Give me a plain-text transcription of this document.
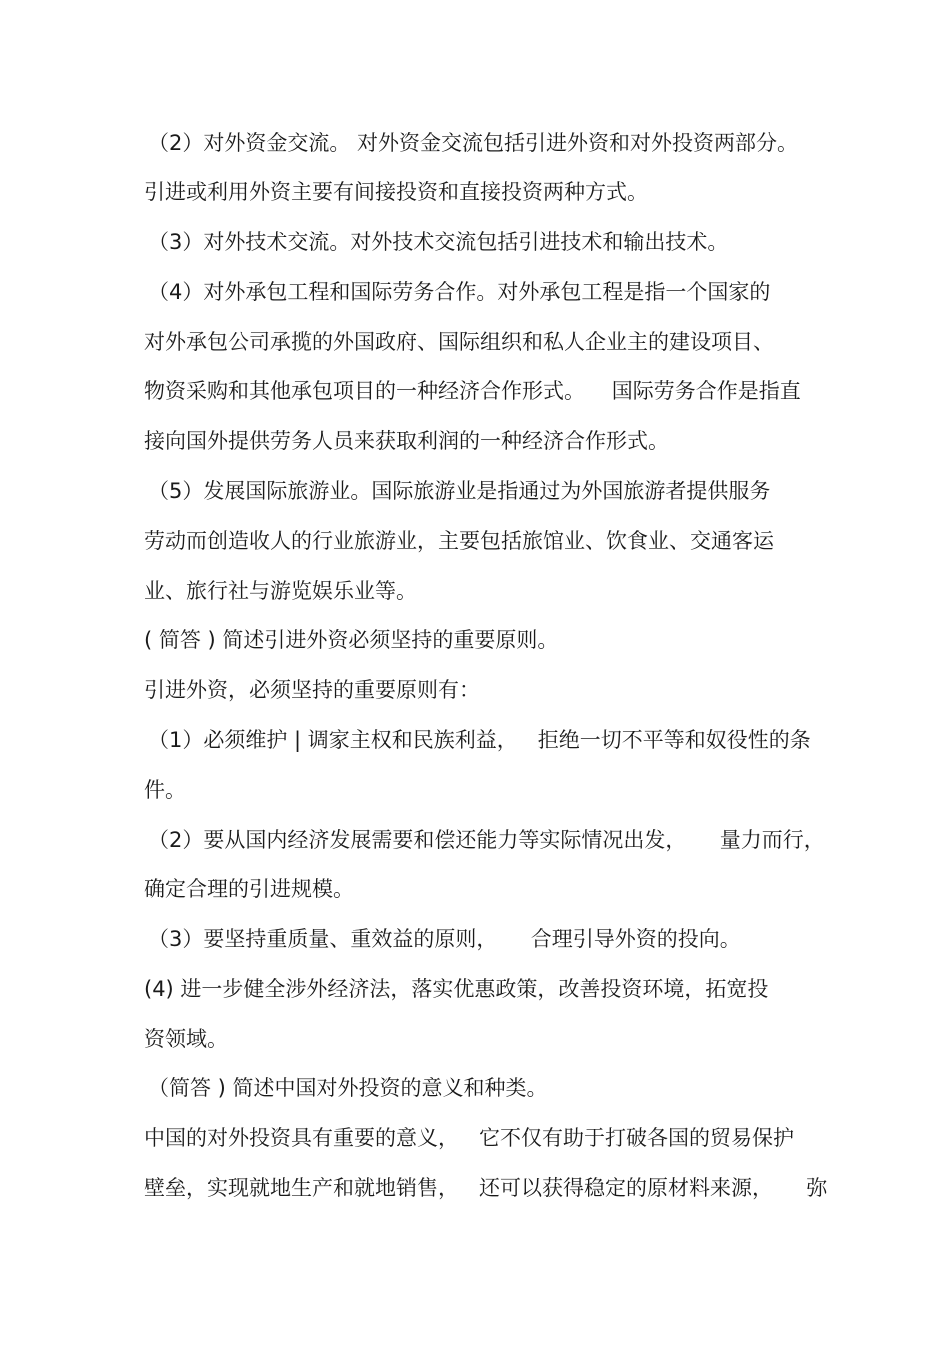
（2）对外资金交流。 对外资金交流包括引进外资和对外投资两部分。

引进或利用外资主要有间接投资和直接投资两种方式。

（3）对外技术交流。对外技术交流包括引进技术和输出技术。

（4）对外承包工程和国际劳务合作。对外承包工程是指一个国家的

对外承包公司承揽的外国政府、国际组织和私人企业主的建设项目、

物资采购和其他承包项目的一种经济合作形式。    国际劳务合作是指直

接向国外提供劳务人员来获取利润的一种经济合作形式。

（5）发展国际旅游业。国际旅游业是指通过为外国旅游者提供服务

劳动而创造收人的行业旅游业，主要包括旅馆业、饮食业、交通客运

业、旅行社与游览娱乐业等。

( 简答 ) 简述引进外资必须坚持的重要原则。

引进外资，必须坚持的重要原则有：

（1）必须维护 | 调家主权和民族利益，   拒绝一切不平等和奴役性的条

件。

（2）要从国内经济发展需要和偿还能力等实际情况出发，     量力而行，

确定合理的引进规模。

（3）要坚持重质量、重效益的原则，     合理引导外资的投向。

(4) 进一步健全涉外经济法，落实优惠政策，改善投资环境，拓宽投

资领域。

（简答 ) 简述中国对外投资的意义和种类。

中国的对外投资具有重要的意义，   它不仅有助于打破各国的贸易保护

壁垒，实现就地生产和就地销售，   还可以获得稳定的原材料来源，     弥
